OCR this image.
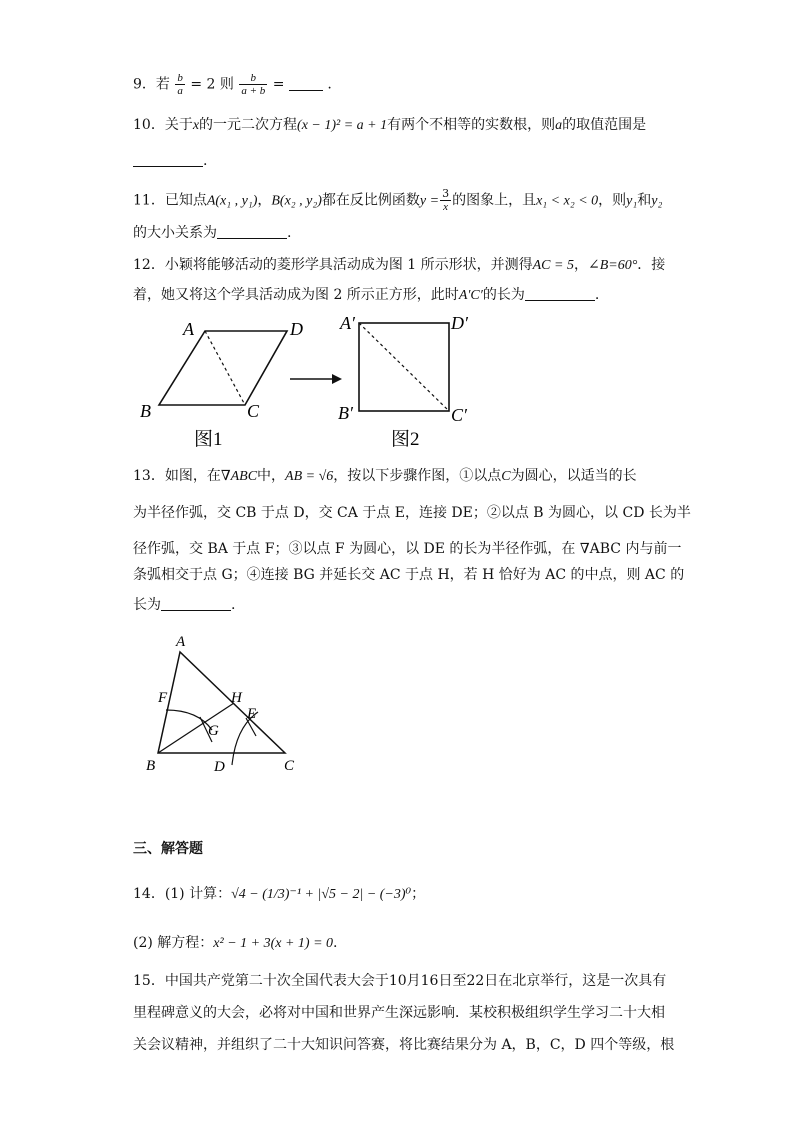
9．若 $\frac{b}{a} = 2$ 则 $\frac{b}{a + b}$ =	.
10．关于x的一元二次方程(x − 1)² = a + 1有两个不相等的实数根，则a的取值范围是
.
11．已知点A(x₁ , y₁)，B(x₂ , y₂)都在反比例函数$y = \frac{3}{x}$ 的图象上，且x₁ < x₂ < 0，则y₁和y₂
的大小关系为	.
12．小颖将能够活动的菱形学具活动成为图 1 所示形状，并测得AC = 5，∠B=60°．接
着，她又将这个学具活动成为图 2 所示正方形，此时A′C′的长为	.
A	D
B	C
A′	D′
B′	C′
图1	图2
13．如图，在∇ABC中，AB = √6，按以下步骤作图，①以点C为圆心，以适当的长
为半径作弧，交 CB 于点 D，交 CA 于点 E，连接 DE；②以点 B 为圆心，以 CD 长为半
径作弧，交 BA 于点 F；③以点 F 为圆心，以 DE 的长为半径作弧，在 ∇ABC 内与前一
条弧相交于点 G；④连接 BG 并延长交 AC 于点 H，若 H 恰好为 AC 的中点，则 AC 的
长为	.
A
F	H
E
G
B	D	C
三、解答题
14．(1) 计算：√4 − (1/3)⁻¹ + |√5 − 2| − (−3)⁰；
(2) 解方程：x² − 1 + 3(x + 1) = 0.
15．中国共产党第二十次全国代表大会于10月16日至22日在北京举行，这是一次具有
里程碑意义的大会，必将对中国和世界产生深远影响．某校积极组织学生学习二十大相
关会议精神，并组织了二十大知识问答赛，将比赛结果分为 A，B，C，D 四个等级，根
